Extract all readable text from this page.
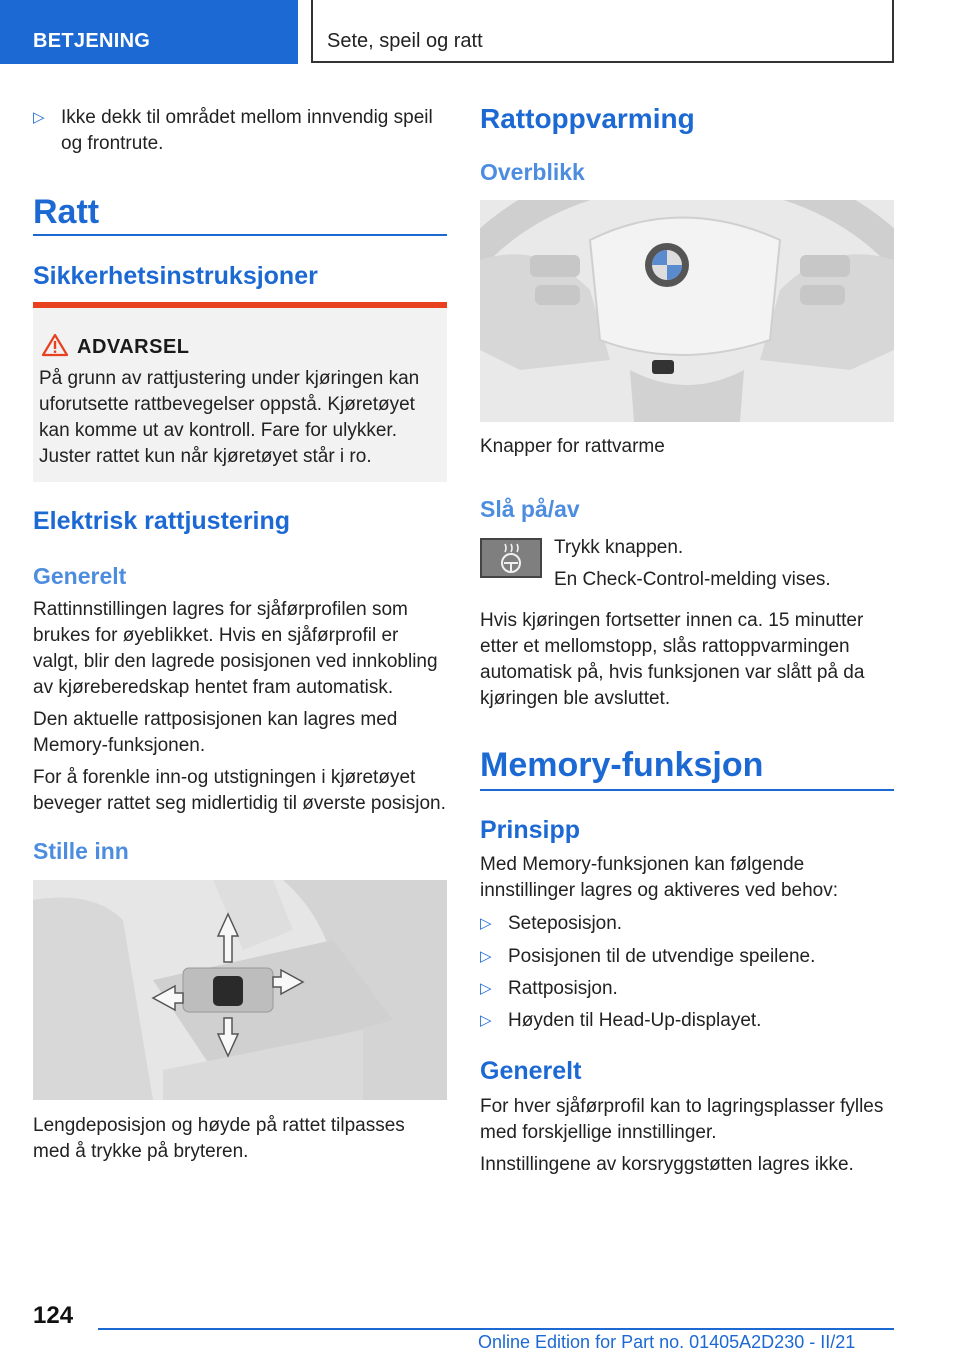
BETJENING	Sete, speil og ratt
▷ Ikke dekk til området mellom innvendig speil og frontrute.

Ratt
Sikkerhetsinstruksjoner
ADVARSEL
På grunn av rattjustering under kjøringen kan uforutsette rattbevegelser oppstå. Kjøretøyet kan komme ut av kontroll. Fare for ulykker. Juster rattet kun når kjøretøyet står i ro.
Elektrisk rattjustering
Generelt

Rattinnstillingen lagres for sjåførprofilen som brukes for øyeblikket. Hvis en sjåførprofil er valgt, blir den lagrede posisjonen ved innkobling av kjøreberedskap hentet fram automatisk.

Den aktuelle rattposisjonen kan lagres med Memory-funksjonen.

For å forenkle inn-og utstigningen i kjøretøyet beveger rattet seg midlertidig til øverste posisjon.

Stille inn

Lengdeposisjon og høyde på rattet tilpasses med å trykke på bryteren.

Rattoppvarming
Overblikk

Knapper for rattvarme

Slå på/av

Trykk knappen.

En Check-Control-melding vises.

Hvis kjøringen fortsetter innen ca. 15 minutter etter et mellomstopp, slås rattoppvarmingen automatisk på, hvis funksjonen var slått på da kjøringen ble avsluttet.

Memory-funksjon
Prinsipp

Med Memory-funksjonen kan følgende innstillinger lagres og aktiveres ved behov:

▷ Seteposisjon.

▷ Posisjonen til de utvendige speilene.

▷ Rattposisjon.

▷ Høyden til Head-Up-displayet.

Generelt

For hver sjåførprofil kan to lagringsplasser fylles med forskjellige innstillinger.

Innstillingene av korsryggstøtten lagres ikke.

124
Online Edition for Part no. 01405A2D230 - II/21
